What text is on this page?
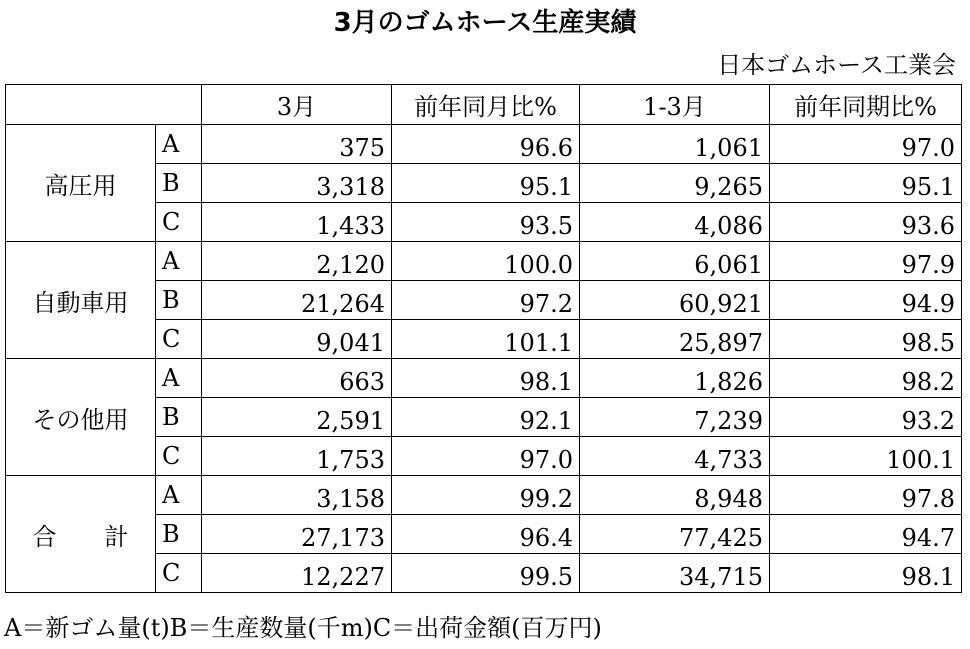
3月のゴムホース生産実績
日本ゴムホース工業会
		3月	前年同月比%	1-3月	前年同期比%
高圧用	A	375	96.6	1,061	97.0
	B	3,318	95.1	9,265	95.1
	C	1,433	93.5	4,086	93.6
自動車用	A	2,120	100.0	6,061	97.9
	B	21,264	97.2	60,921	94.9
	C	9,041	101.1	25,897	98.5
その他用	A	663	98.1	1,826	98.2
	B	2,591	92.1	7,239	93.2
	C	1,753	97.0	4,733	100.1
合　　計	A	3,158	99.2	8,948	97.8
	B	27,173	96.4	77,425	94.7
	C	12,227	99.5	34,715	98.1
A＝新ゴム量(t)B＝生産数量(千m)C＝出荷金額(百万円)
